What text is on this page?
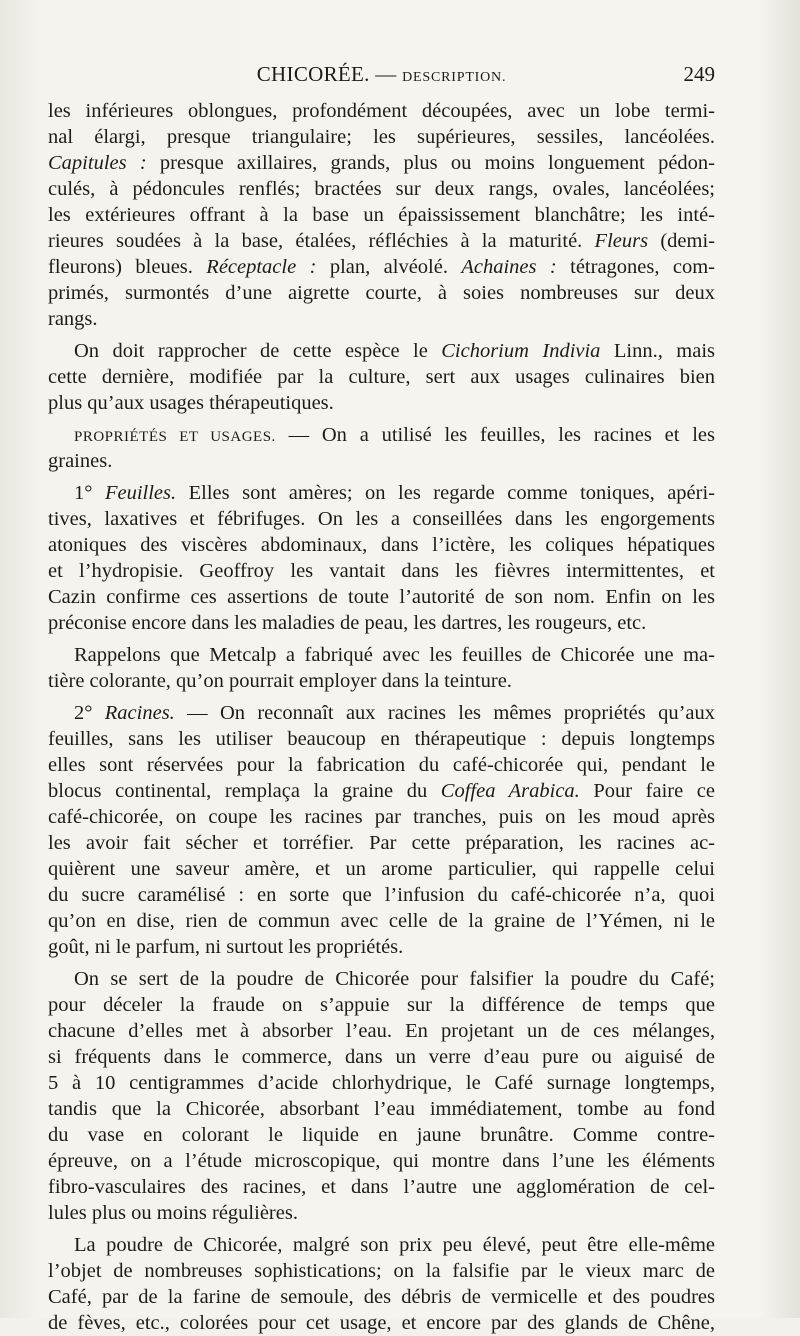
CHICORÉE. — DESCRIPTION.	249
les inférieures oblongues, profondément découpées, avec un lobe termi-
nal élargi, presque triangulaire; les supérieures, sessiles, lancéolées.
Capitules : presque axillaires, grands, plus ou moins longuement pédon-
culés, à pédoncules renflés; bractées sur deux rangs, ovales, lancéolées;
les extérieures offrant à la base un épaississement blanchâtre; les inté-
rieures soudées à la base, étalées, réfléchies à la maturité. Fleurs (demi-
fleurons) bleues. Réceptacle : plan, alvéolé. Achaines : tétragones, com-
primés, surmontés d’une aigrette courte, à soies nombreuses sur deux
rangs.
On doit rapprocher de cette espèce le Cichorium Indivia Linn., mais
cette dernière, modifiée par la culture, sert aux usages culinaires bien
plus qu’aux usages thérapeutiques.
PROPRIÉTÉS ET USAGES. — On a utilisé les feuilles, les racines et les
graines.
1° Feuilles. Elles sont amères; on les regarde comme toniques, apéri-
tives, laxatives et fébrifuges. On les a conseillées dans les engorgements
atoniques des viscères abdominaux, dans l’ictère, les coliques hépatiques
et l’hydropisie. Geoffroy les vantait dans les fièvres intermittentes, et
Cazin confirme ces assertions de toute l’autorité de son nom. Enfin on les
préconise encore dans les maladies de peau, les dartres, les rougeurs, etc.
Rappelons que Metcalp a fabriqué avec les feuilles de Chicorée une ma-
tière colorante, qu’on pourrait employer dans la teinture.
2° Racines. — On reconnaît aux racines les mêmes propriétés qu’aux
feuilles, sans les utiliser beaucoup en thérapeutique : depuis longtemps
elles sont réservées pour la fabrication du café-chicorée qui, pendant le
blocus continental, remplaça la graine du Coffea Arabica. Pour faire ce
café-chicorée, on coupe les racines par tranches, puis on les moud après
les avoir fait sécher et torréfier. Par cette préparation, les racines ac-
quièrent une saveur amère, et un arome particulier, qui rappelle celui
du sucre caramélisé : en sorte que l’infusion du café-chicorée n’a, quoi
qu’on en dise, rien de commun avec celle de la graine de l’Yémen, ni le
goût, ni le parfum, ni surtout les propriétés.
On se sert de la poudre de Chicorée pour falsifier la poudre du Café;
pour déceler la fraude on s’appuie sur la différence de temps que
chacune d’elles met à absorber l’eau. En projetant un de ces mélanges,
si fréquents dans le commerce, dans un verre d’eau pure ou aiguisé de
5 à 10 centigrammes d’acide chlorhydrique, le Café surnage longtemps,
tandis que la Chicorée, absorbant l’eau immédiatement, tombe au fond
du vase en colorant le liquide en jaune brunâtre. Comme contre-
épreuve, on a l’étude microscopique, qui montre dans l’une les éléments
fibro-vasculaires des racines, et dans l’autre une agglomération de cel-
lules plus ou moins régulières.
La poudre de Chicorée, malgré son prix peu élevé, peut être elle-même
l’objet de nombreuses sophistications; on la falsifie par le vieux marc de
Café, par de la farine de semoule, des débris de vermicelle et des poudres
de fèves, etc., colorées pour cet usage, et encore par des glands de Chêne,
